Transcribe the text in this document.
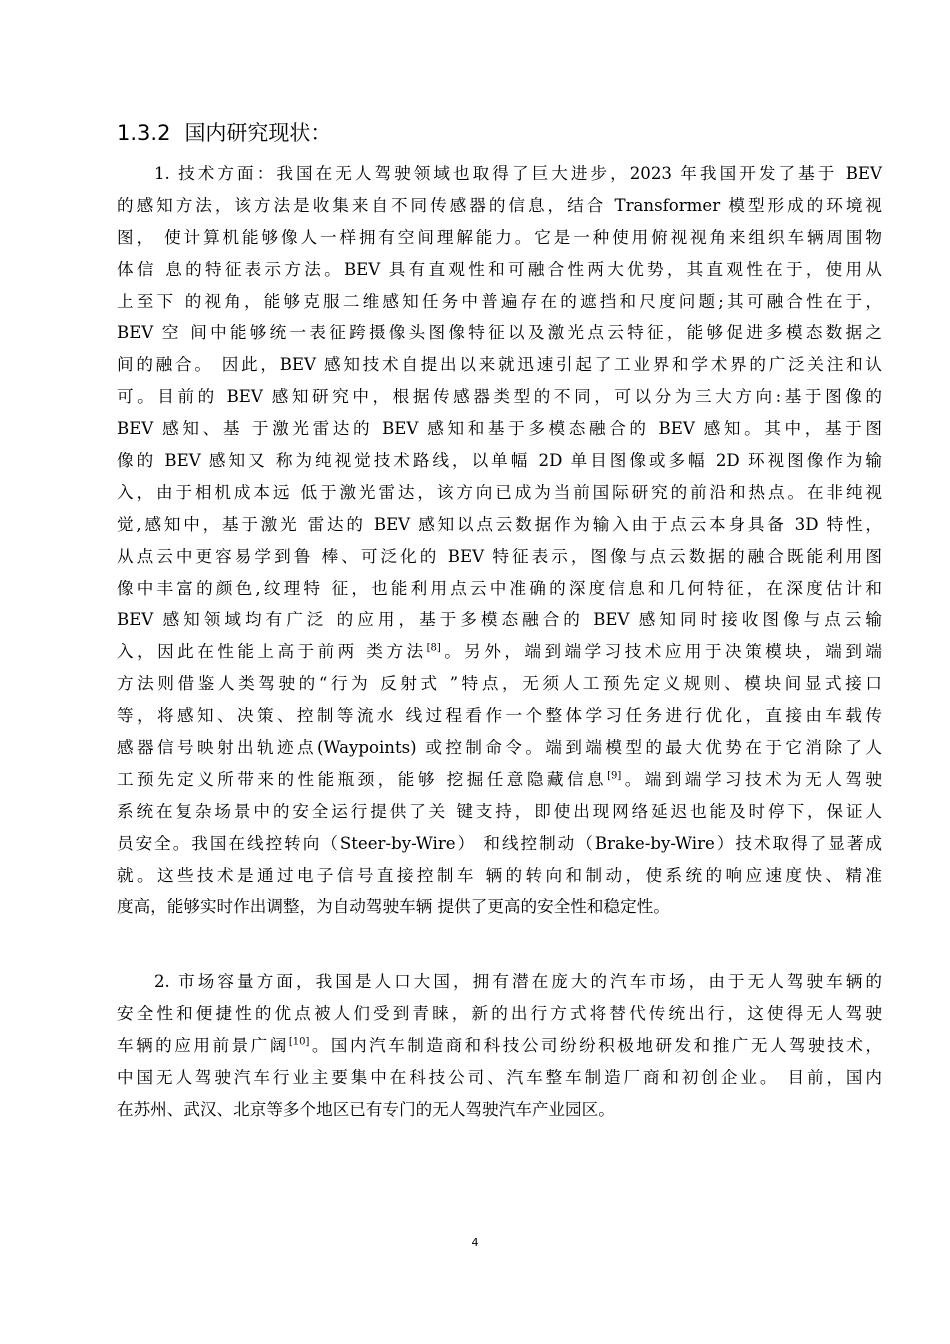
1.3.2 国内研究现状：
1. 技术方面：我国在无人驾驶领域也取得了巨大进步，2023 年我国开发了基于 BEV
的感知方法，该方法是收集来自不同传感器的信息，结合 Transformer 模型形成的环境视
图， 使计算机能够像人一样拥有空间理解能力。它是一种使用俯视视角来组织车辆周围物
体信 息的特征表示方法。BEV 具有直观性和可融合性两大优势，其直观性在于，使用从
上至下 的视角，能够克服二维感知任务中普遍存在的遮挡和尺度问题;其可融合性在于，
BEV 空 间中能够统一表征跨摄像头图像特征以及激光点云特征，能够促进多模态数据之
间的融合。 因此，BEV 感知技术自提出以来就迅速引起了工业界和学术界的广泛关注和认
可。目前的 BEV 感知研究中，根据传感器类型的不同，可以分为三大方向:基于图像的
BEV 感知、基 于激光雷达的 BEV 感知和基于多模态融合的 BEV 感知。其中，基于图
像的 BEV 感知又 称为纯视觉技术路线，以单幅 2D 单目图像或多幅 2D 环视图像作为输
入，由于相机成本远 低于激光雷达，该方向已成为当前国际研究的前沿和热点。在非纯视
觉,感知中，基于激光 雷达的 BEV 感知以点云数据作为输入由于点云本身具备 3D 特性，
从点云中更容易学到鲁 棒、可泛化的 BEV 特征表示，图像与点云数据的融合既能利用图
像中丰富的颜色,纹理特 征，也能利用点云中准确的深度信息和几何特征，在深度估计和
BEV 感知领域均有广泛 的应用，基于多模态融合的 BEV 感知同时接收图像与点云输
入，因此在性能上高于前两 类方法[8]。另外，端到端学习技术应用于决策模块，端到端
方法则借鉴人类驾驶的“行为 反射式 ”特点，无须人工预先定义规则、模块间显式接口
等，将感知、决策、控制等流水 线过程看作一个整体学习任务进行优化，直接由车载传
感器信号映射出轨迹点(Waypoints) 或控制命令。端到端模型的最大优势在于它消除了人
工预先定义所带来的性能瓶颈，能够 挖掘任意隐藏信息[9]。端到端学习技术为无人驾驶
系统在复杂场景中的安全运行提供了关 键支持，即使出现网络延迟也能及时停下，保证人
员安全。我国在线控转向（Steer-by-Wire） 和线控制动（Brake-by-Wire）技术取得了显著成
就。这些技术是通过电子信号直接控制车 辆的转向和制动，使系统的响应速度快、精准
度高，能够实时作出调整，为自动驾驶车辆 提供了更高的安全性和稳定性。
2. 市场容量方面，我国是人口大国，拥有潜在庞大的汽车市场，由于无人驾驶车辆的
安全性和便捷性的优点被人们受到青睐，新的出行方式将替代传统出行，这使得无人驾驶
车辆的应用前景广阔[10]。国内汽车制造商和科技公司纷纷积极地研发和推广无人驾驶技术，
中国无人驾驶汽车行业主要集中在科技公司、汽车整车制造厂商和初创企业。 目前，国内
在苏州、武汉、北京等多个地区已有专门的无人驾驶汽车产业园区。
4
